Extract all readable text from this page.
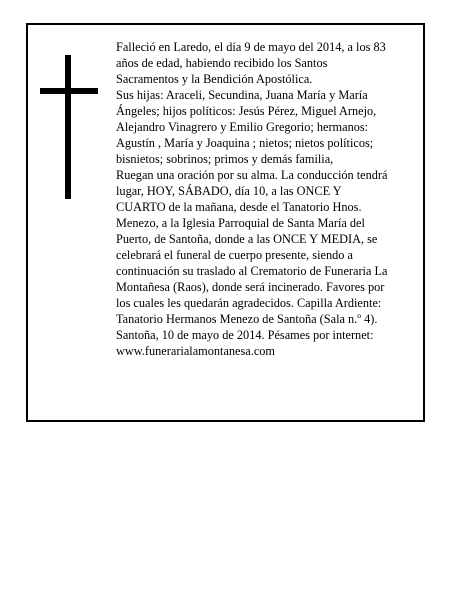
Falleció en Laredo, el día 9 de mayo del 2014, a los 83
años de edad, habiendo recibido los Santos
Sacramentos y la Bendición Apostólica.
Sus hijas: Araceli, Secundina, Juana María y María
Ángeles; hijos políticos: Jesús Pérez, Miguel Arnejo,
Alejandro Vinagrero y Emilio Gregorio; hermanos:
Agustín , María y Joaquina ; nietos; nietos políticos;
bisnietos; sobrinos; primos y demás familia,
Ruegan una oración por su alma. La conducción tendrá
lugar, HOY, SÁBADO, día 10, a las ONCE Y
CUARTO de la mañana, desde el Tanatorio Hnos.
Menezo, a la Iglesia Parroquial de Santa María del
Puerto, de Santoña, donde a las ONCE Y MEDIA, se
celebrará el funeral de cuerpo presente, siendo a
continuación su traslado al Crematorio de Funeraria La
Montañesa (Raos), donde será incinerado. Favores por
los cuales les quedarán agradecidos. Capilla Ardiente:
Tanatorio Hermanos Menezo de Santoña (Sala n.º 4).
Santoña, 10 de mayo de 2014. Pésames por internet:
www.funerarialamontanesa.com
